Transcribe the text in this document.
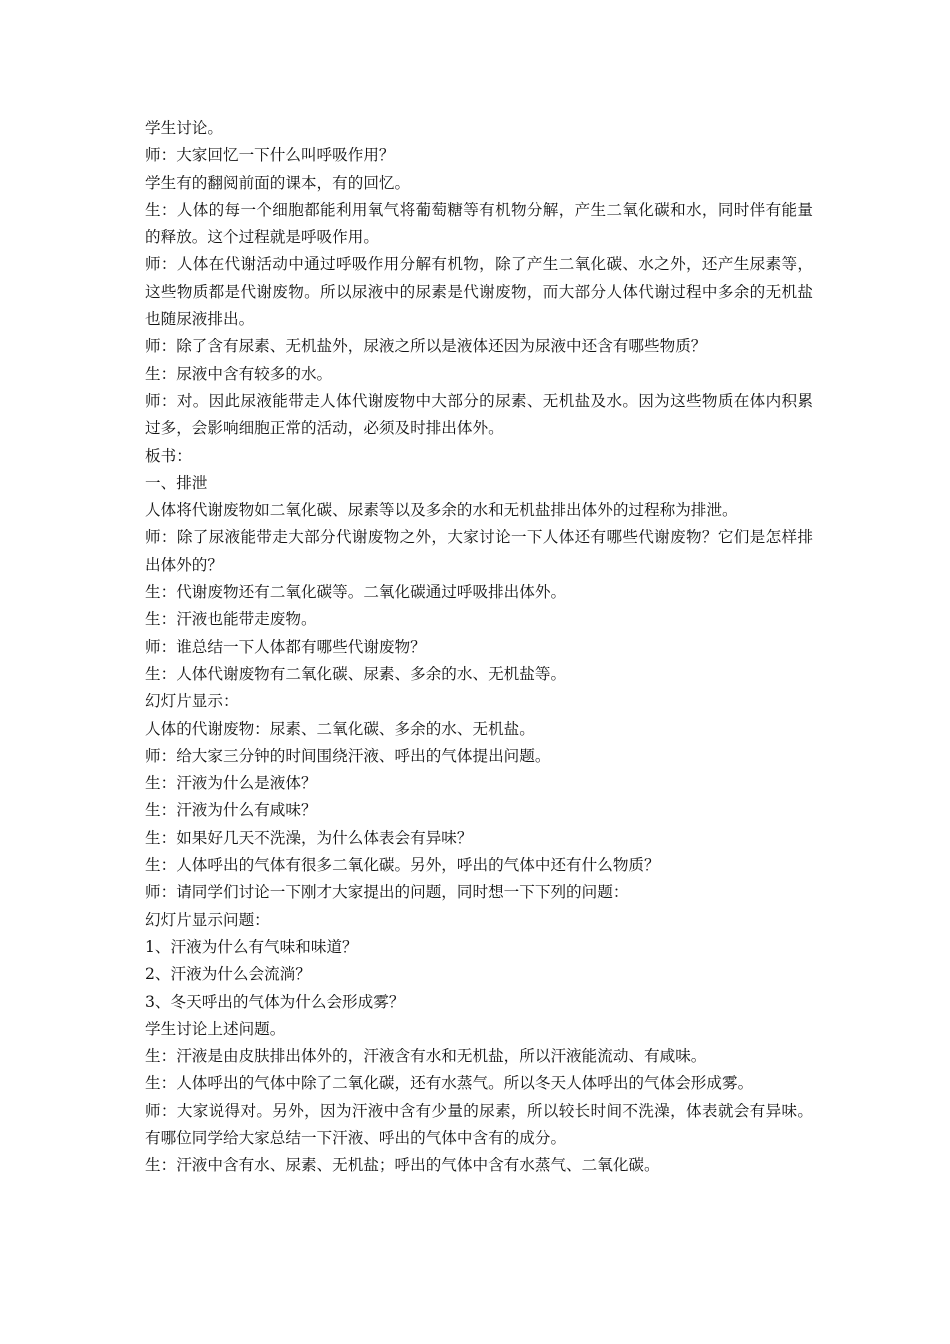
学生讨论。

师：大家回忆一下什么叫呼吸作用？

学生有的翻阅前面的课本，有的回忆。

生：人体的每一个细胞都能利用氧气将葡萄糖等有机物分解，产生二氧化碳和水，同时伴有能量的释放。这个过程就是呼吸作用。

师：人体在代谢活动中通过呼吸作用分解有机物，除了产生二氧化碳、水之外，还产生尿素等，这些物质都是代谢废物。所以尿液中的尿素是代谢废物，而大部分人体代谢过程中多余的无机盐也随尿液排出。

师：除了含有尿素、无机盐外，尿液之所以是液体还因为尿液中还含有哪些物质？

生：尿液中含有较多的水。

师：对。因此尿液能带走人体代谢废物中大部分的尿素、无机盐及水。因为这些物质在体内积累过多，会影响细胞正常的活动，必须及时排出体外。

板书：

一、排泄

人体将代谢废物如二氧化碳、尿素等以及多余的水和无机盐排出体外的过程称为排泄。

师：除了尿液能带走大部分代谢废物之外，大家讨论一下人体还有哪些代谢废物？它们是怎样排出体外的？

生：代谢废物还有二氧化碳等。二氧化碳通过呼吸排出体外。

生：汗液也能带走废物。

师：谁总结一下人体都有哪些代谢废物？

生：人体代谢废物有二氧化碳、尿素、多余的水、无机盐等。

幻灯片显示：

人体的代谢废物：尿素、二氧化碳、多余的水、无机盐。

师：给大家三分钟的时间围绕汗液、呼出的气体提出问题。

生：汗液为什么是液体？

生：汗液为什么有咸味？

生：如果好几天不洗澡，为什么体表会有异味？

生：人体呼出的气体有很多二氧化碳。另外，呼出的气体中还有什么物质？

师：请同学们讨论一下刚才大家提出的问题，同时想一下下列的问题：

幻灯片显示问题：

1、汗液为什么有气味和味道？

2、汗液为什么会流淌？

3、冬天呼出的气体为什么会形成雾？

学生讨论上述问题。

生：汗液是由皮肤排出体外的，汗液含有水和无机盐，所以汗液能流动、有咸味。

生：人体呼出的气体中除了二氧化碳，还有水蒸气。所以冬天人体呼出的气体会形成雾。

师：大家说得对。另外，因为汗液中含有少量的尿素，所以较长时间不洗澡，体表就会有异味。有哪位同学给大家总结一下汗液、呼出的气体中含有的成分。

生：汗液中含有水、尿素、无机盐；呼出的气体中含有水蒸气、二氧化碳。
